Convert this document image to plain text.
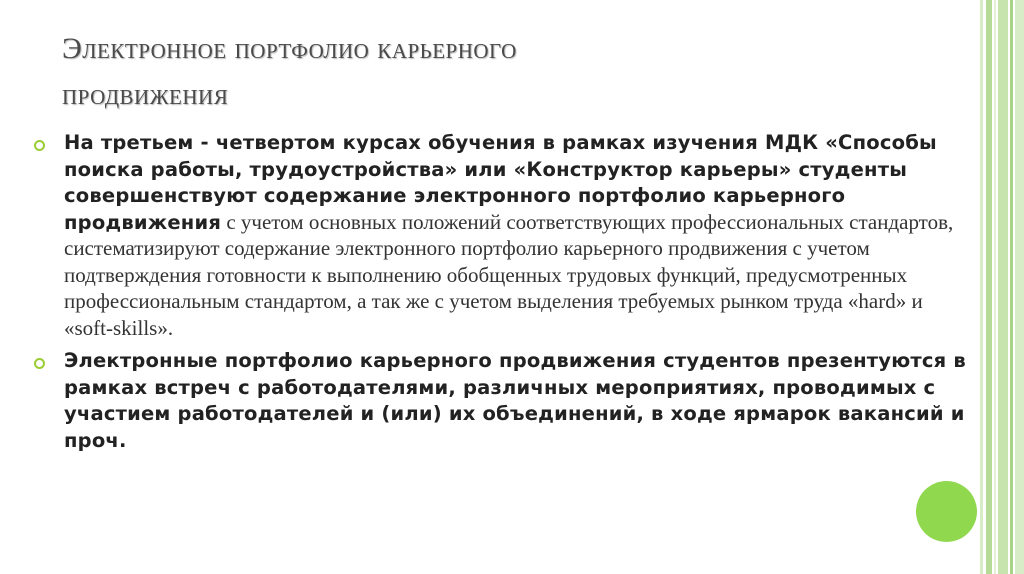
Электронное портфолио карьерного
продвижения
На третьем - четвертом курсах обучения в рамках изучения МДК «Способы поиска работы, трудоустройства» или «Конструктор карьеры» студенты совершенствуют содержание электронного портфолио карьерного продвижения с учетом основных положений соответствующих профессиональных стандартов, систематизируют содержание электронного портфолио карьерного продвижения с учетом подтверждения готовности к выполнению обобщенных трудовых функций, предусмотренных профессиональным стандартом, а так же с учетом выделения требуемых рынком труда «hard» и «soft-skills».
Электронные портфолио карьерного продвижения студентов презентуются в рамках встреч с работодателями, различных мероприятиях, проводимых с участием работодателей и (или) их объединений, в ходе ярмарок вакансий и проч.
